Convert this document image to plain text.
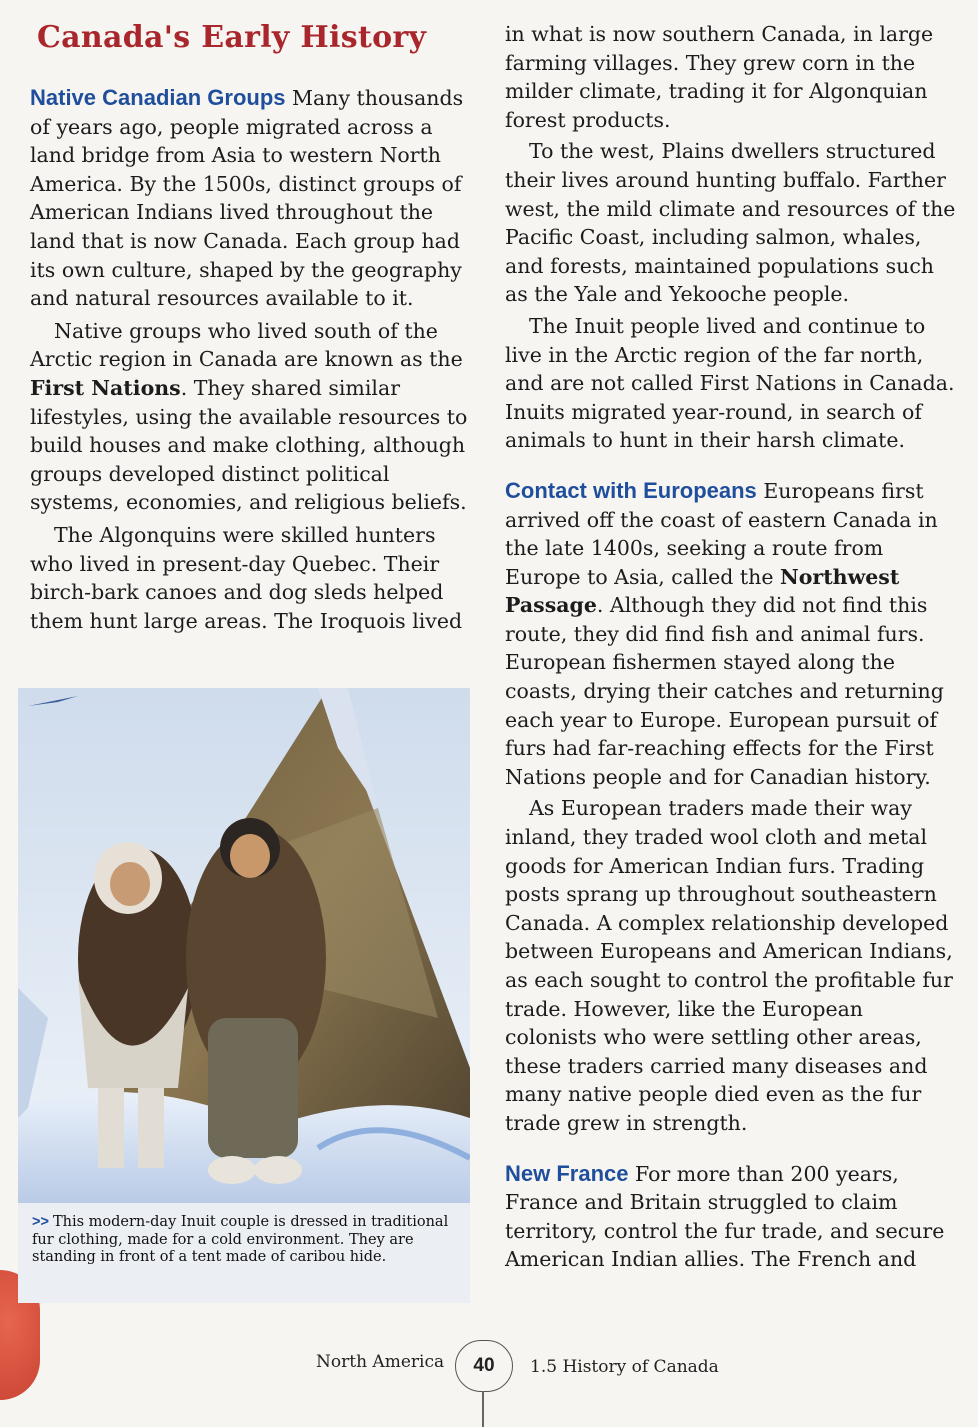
Canada's Early History

Native Canadian Groups Many thousands of years ago, people migrated across a land bridge from Asia to western North America. By the 1500s, distinct groups of American Indians lived throughout the land that is now Canada. Each group had its own culture, shaped by the geography and natural resources available to it.

Native groups who lived south of the Arctic region in Canada are known as the First Nations. They shared similar lifestyles, using the available resources to build houses and make clothing, although groups developed distinct political systems, economies, and religious beliefs.

The Algonquins were skilled hunters who lived in present-day Quebec. Their birch-bark canoes and dog sleds helped them hunt large areas. The Iroquois lived

>> This modern-day Inuit couple is dressed in traditional fur clothing, made for a cold environment. They are standing in front of a tent made of caribou hide.

in what is now southern Canada, in large farming villages. They grew corn in the milder climate, trading it for Algonquian forest products.

To the west, Plains dwellers structured their lives around hunting buffalo. Farther west, the mild climate and resources of the Pacific Coast, including salmon, whales, and forests, maintained populations such as the Yale and Yekooche people.

The Inuit people lived and continue to live in the Arctic region of the far north, and are not called First Nations in Canada. Inuits migrated year-round, in search of animals to hunt in their harsh climate.

Contact with Europeans Europeans first arrived off the coast of eastern Canada in the late 1400s, seeking a route from Europe to Asia, called the Northwest Passage. Although they did not find this route, they did find fish and animal furs. European fishermen stayed along the coasts, drying their catches and returning each year to Europe. European pursuit of furs had far-reaching effects for the First Nations people and for Canadian history.

As European traders made their way inland, they traded wool cloth and metal goods for American Indian furs. Trading posts sprang up throughout southeastern Canada. A complex relationship developed between Europeans and American Indians, as each sought to control the profitable fur trade. However, like the European colonists who were settling other areas, these traders carried many diseases and many native people died even as the fur trade grew in strength.

New France For more than 200 years, France and Britain struggled to claim territory, control the fur trade, and secure American Indian allies. The French and

North America	40	1.5 History of Canada
